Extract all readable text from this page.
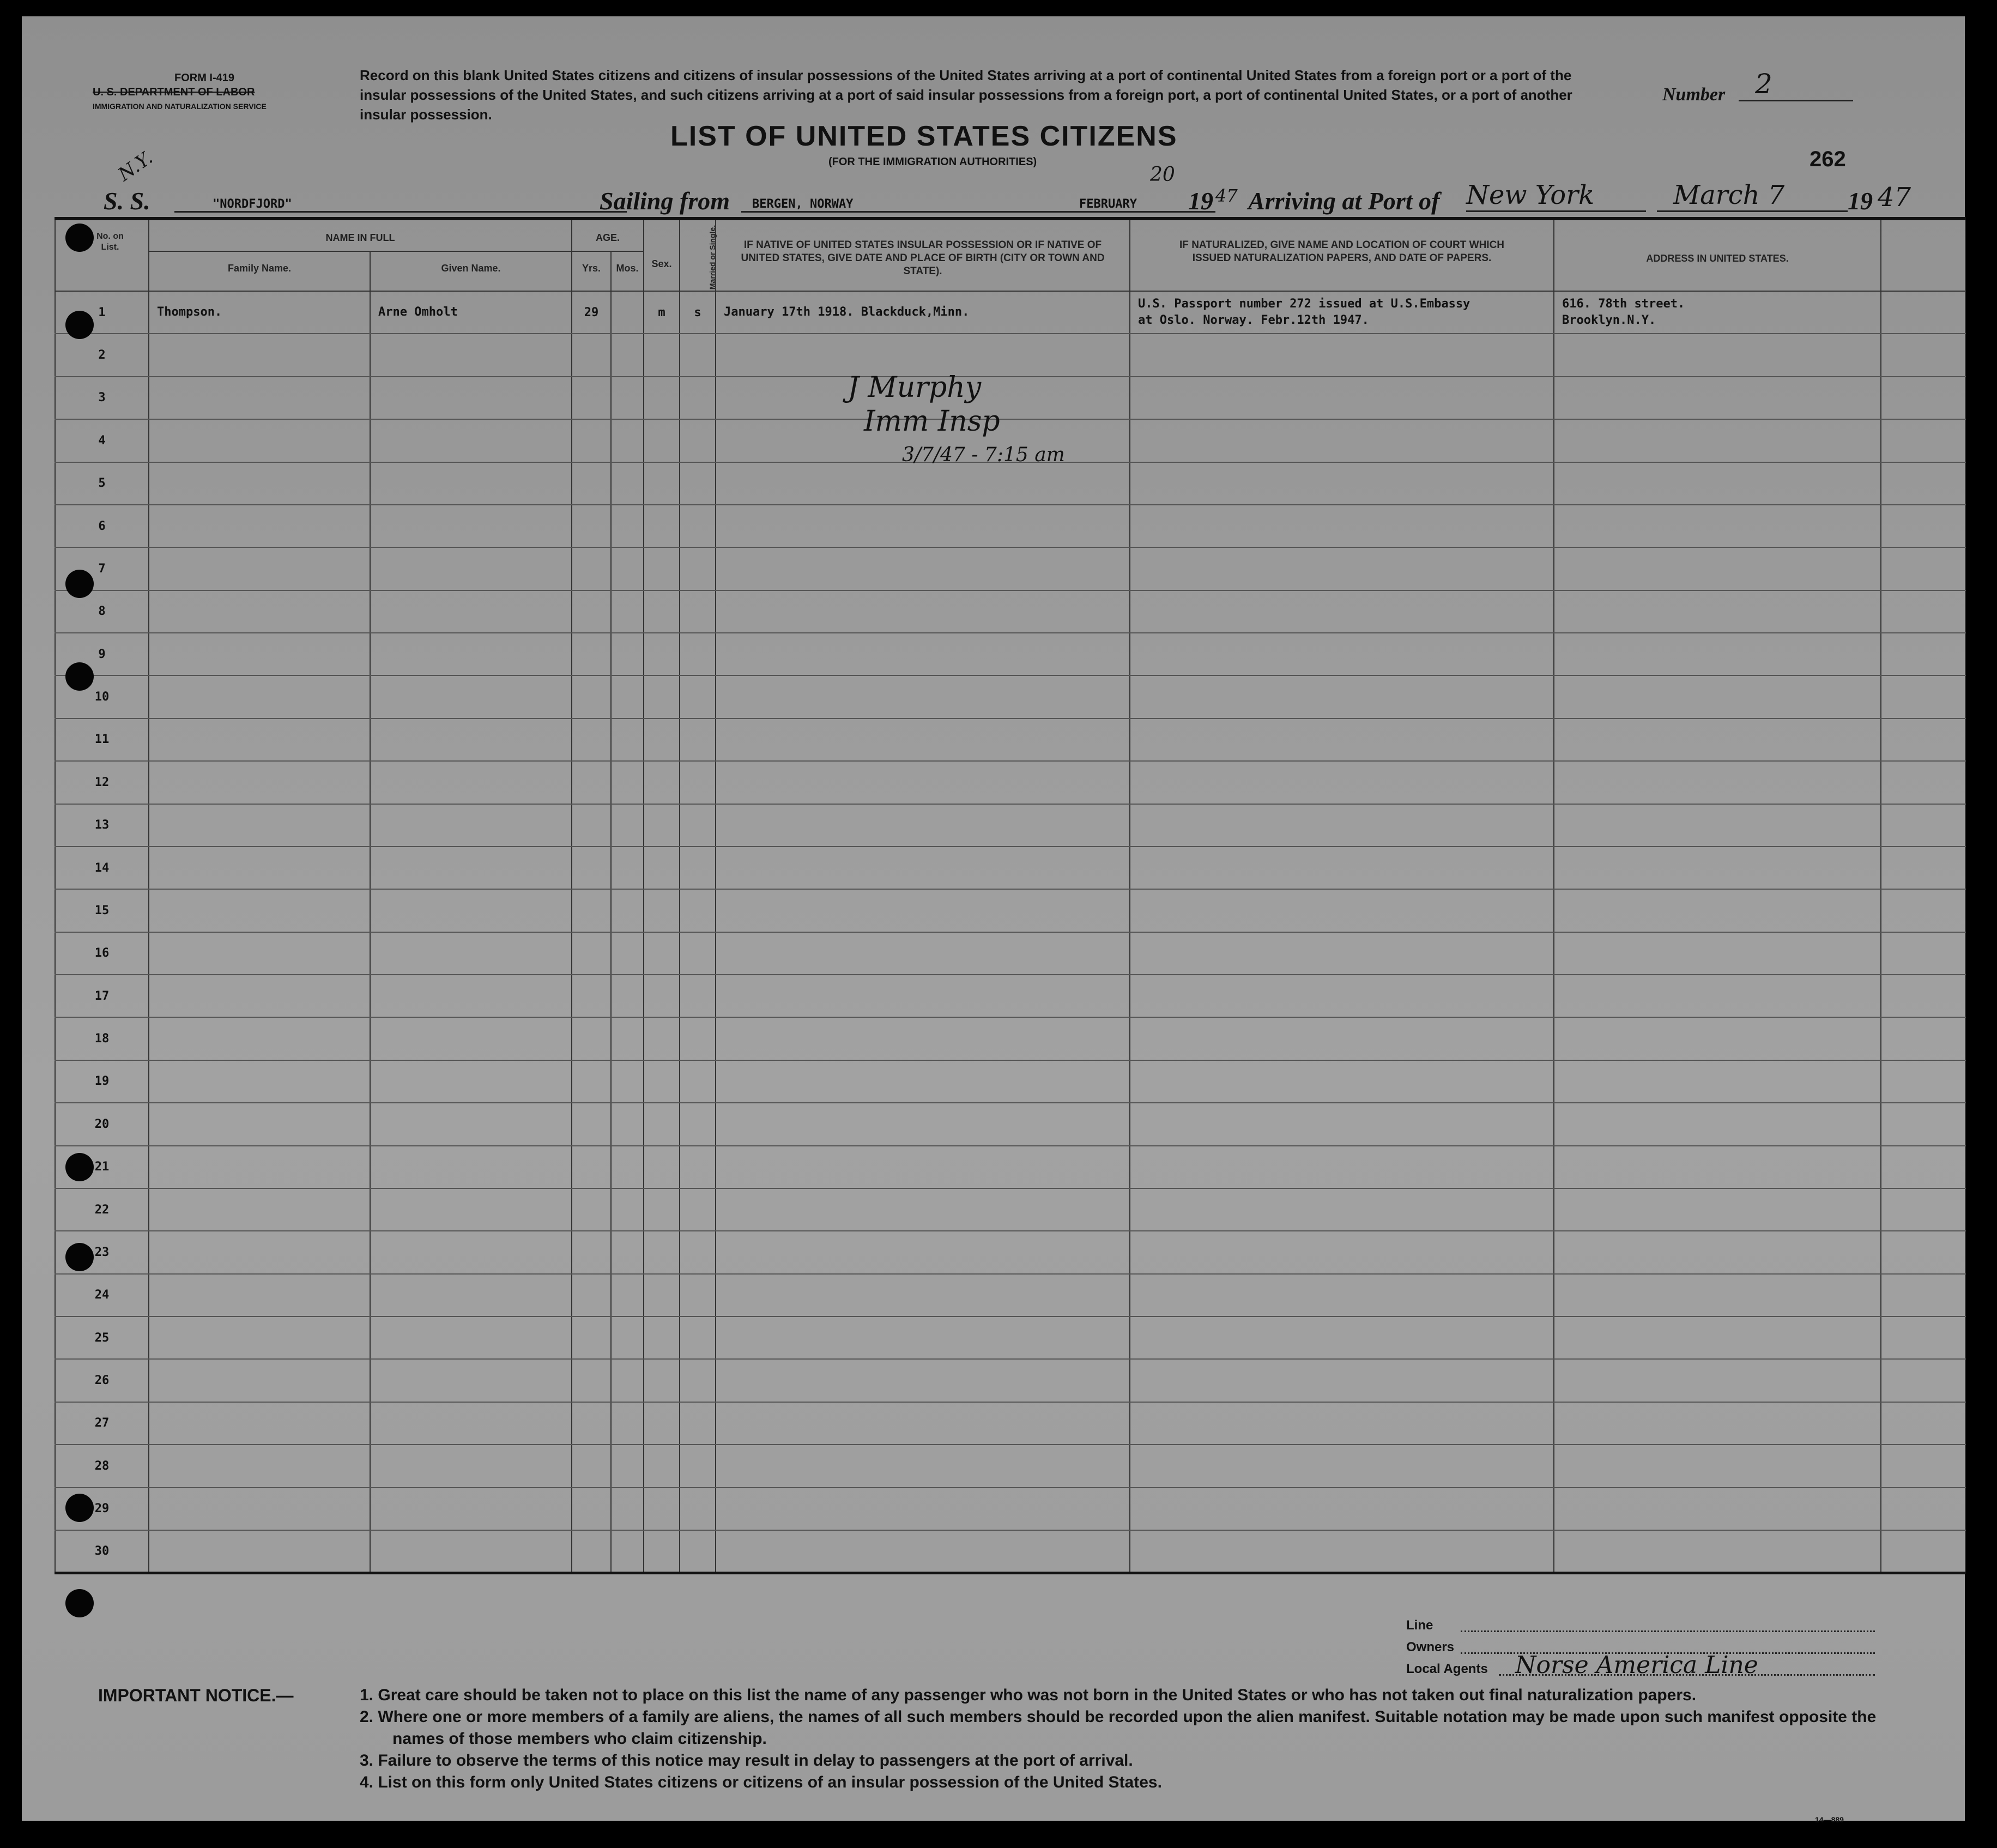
FORM I-419
U. S. DEPARTMENT OF LABOR
IMMIGRATION AND NATURALIZATION SERVICE
Record on this blank United States citizens and citizens of insular possessions of the United States arriving at a port of continental United States from a foreign port or a port of the insular possessions of the United States, and such citizens arriving at a port of said insular possessions from a foreign port, a port of continental United States, or a port of another insular possession.
Number	2
N.Y.
LIST OF UNITED STATES CITIZENS
(FOR THE IMMIGRATION AUTHORITIES)	262
S. S.	"NORDFJORD"	Sailing from	BERGEN, NORWAY	FEBRUARY
20
19 47 Arriving at Port of New York	March 7	19 47
No. on List.	NAME IN FULL		AGE.		Sex.	Married or Single.	IF NATIVE OF UNITED STATES INSULAR POSSESSION OR IF NATIVE OF UNITED STATES, GIVE DATE AND PLACE OF BIRTH (CITY OR TOWN AND STATE).	IF NATURALIZED, GIVE NAME AND LOCATION OF COURT WHICH ISSUED NATURALIZATION PAPERS, AND DATE OF PAPERS.	ADDRESS IN UNITED STATES.	

	Family Name.	Given Name.	Yrs.	Mos.						

1	Thompson.	Arne Omholt	29		m	s	January 17th 1918. Blackduck,Minn.	U.S. Passport number 272 issued at U.S.Embassy
at Oslo. Norway. Febr.12th 1947.	616. 78th street.
Brooklyn.N.Y.	
2										
3										
4										
5										
6										
7										
8										
9										
10										
11										
12										
13										
14										
15										
16										
17										
18										
19										
20										
21										
22										
23										
24										
25										
26										
27										
28										
29										
30										
J Murphy
Imm Insp
3/7/47 - 7:15 am
Line
Owners
Local Agents Norse America Line
IMPORTANT NOTICE.—	1. Great care should be taken not to place on this list the name of any passenger who was not born in the United States or who has not taken out final naturalization papers.
2. Where one or more members of a family are aliens, the names of all such members should be recorded upon the alien manifest. Suitable notation may be made upon such manifest opposite the names of those members who claim citizenship.
3. Failure to observe the terms of this notice may result in delay to passengers at the port of arrival.
4. List on this form only United States citizens or citizens of an insular possession of the United States.
14—889
